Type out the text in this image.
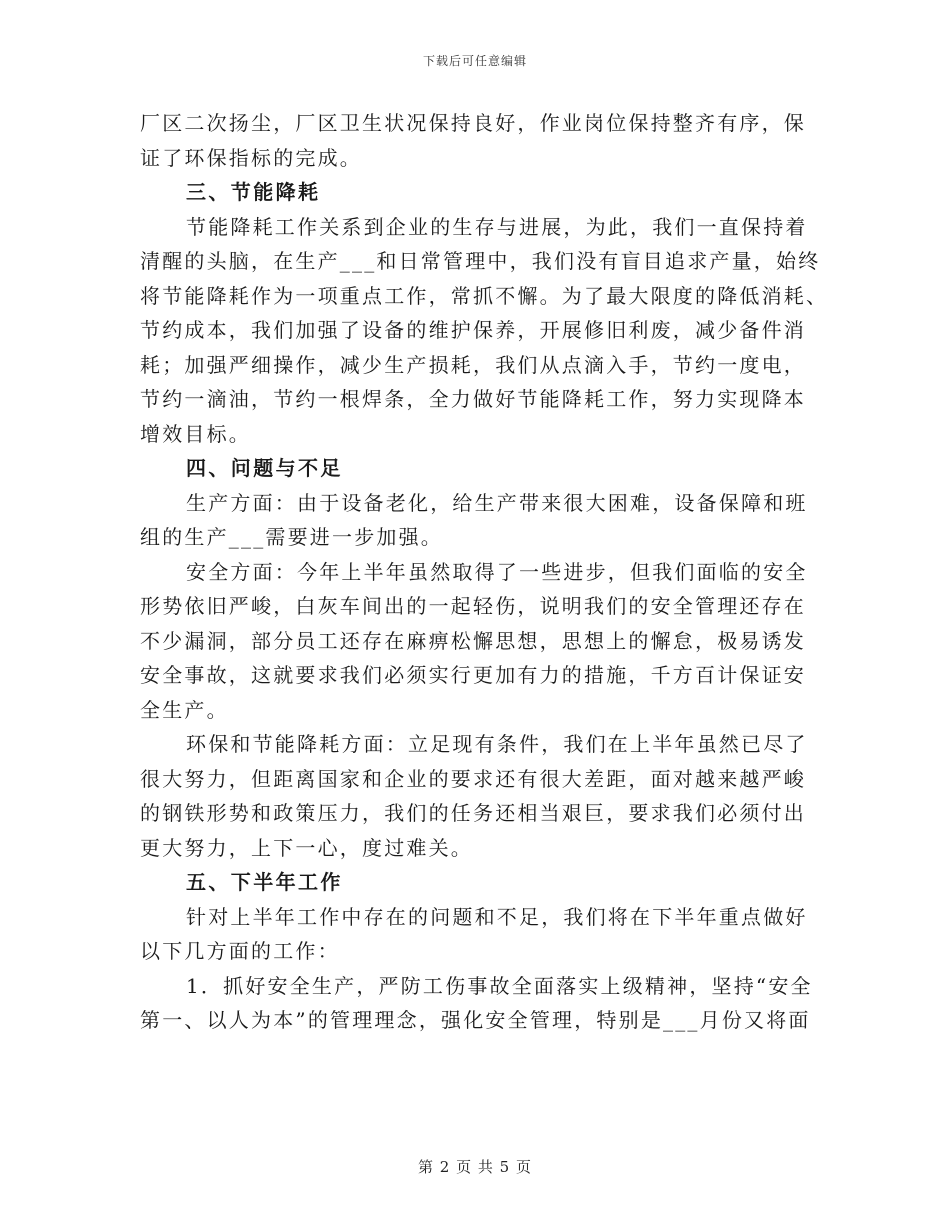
下载后可任意编辑
厂区二次扬尘，厂区卫生状况保持良好，作业岗位保持整齐有序，保
证了环保指标的完成。
三、节能降耗
节能降耗工作关系到企业的生存与进展，为此，我们一直保持着
清醒的头脑，在生产___和日常管理中，我们没有盲目追求产量，始终
将节能降耗作为一项重点工作，常抓不懈。为了最大限度的降低消耗、
节约成本，我们加强了设备的维护保养，开展修旧利废，减少备件消
耗；加强严细操作，减少生产损耗，我们从点滴入手，节约一度电，
节约一滴油，节约一根焊条，全力做好节能降耗工作，努力实现降本
增效目标。
四、问题与不足
生产方面：由于设备老化，给生产带来很大困难，设备保障和班
组的生产___需要进一步加强。
安全方面：今年上半年虽然取得了一些进步，但我们面临的安全
形势依旧严峻，白灰车间出的一起轻伤，说明我们的安全管理还存在
不少漏洞，部分员工还存在麻痹松懈思想，思想上的懈怠，极易诱发
安全事故，这就要求我们必须实行更加有力的措施，千方百计保证安
全生产。
环保和节能降耗方面：立足现有条件，我们在上半年虽然已尽了
很大努力，但距离国家和企业的要求还有很大差距，面对越来越严峻
的钢铁形势和政策压力，我们的任务还相当艰巨，要求我们必须付出
更大努力，上下一心，度过难关。
五、下半年工作
针对上半年工作中存在的问题和不足，我们将在下半年重点做好
以下几方面的工作：
1．抓好安全生产，严防工伤事故全面落实上级精神，坚持“安全
第一、以人为本”的管理理念，强化安全管理，特别是___月份又将面
第 2 页 共 5 页
